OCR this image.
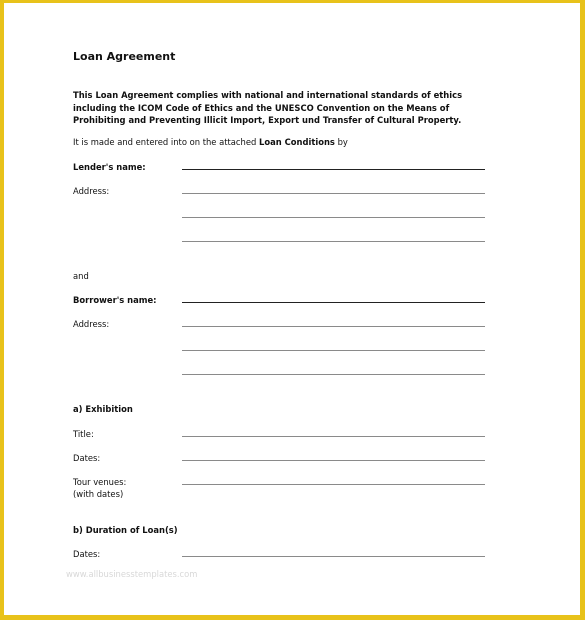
Loan Agreement
This Loan Agreement complies with national and international standards of ethics
including the ICOM Code of Ethics and the UNESCO Convention on the Means of
Prohibiting and Preventing Illicit Import, Export und Transfer of Cultural Property.
It is made and entered into on the attached Loan Conditions by
Lender's name:
Address:
and
Borrower's name:
Address:
a) Exhibition
Title:
Dates:
Tour venues:
(with dates)
b) Duration of Loan(s)
Dates:
www.allbusinesstemplates.com
